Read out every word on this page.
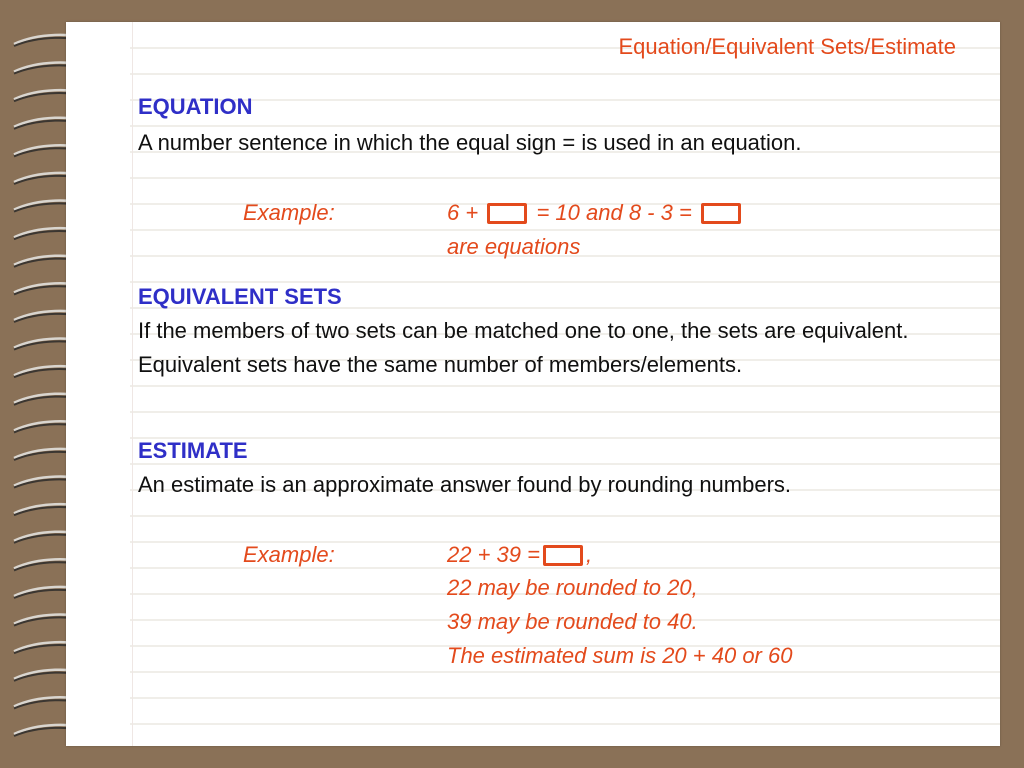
Equation/Equivalent Sets/Estimate
EQUATION
A number sentence in which the equal sign = is used in an equation.
Example:	6 +	= 10 and 8 - 3 =
are equations
EQUIVALENT SETS
If the members of two sets can be matched one to one, the sets are equivalent. Equivalent sets have the same number of members/elements.
ESTIMATE
An estimate is an approximate answer found by rounding numbers.
Example:	22 + 39 = ,
22 may be rounded to 20,
39 may be rounded to 40.
The estimated sum is 20 + 40 or 60
